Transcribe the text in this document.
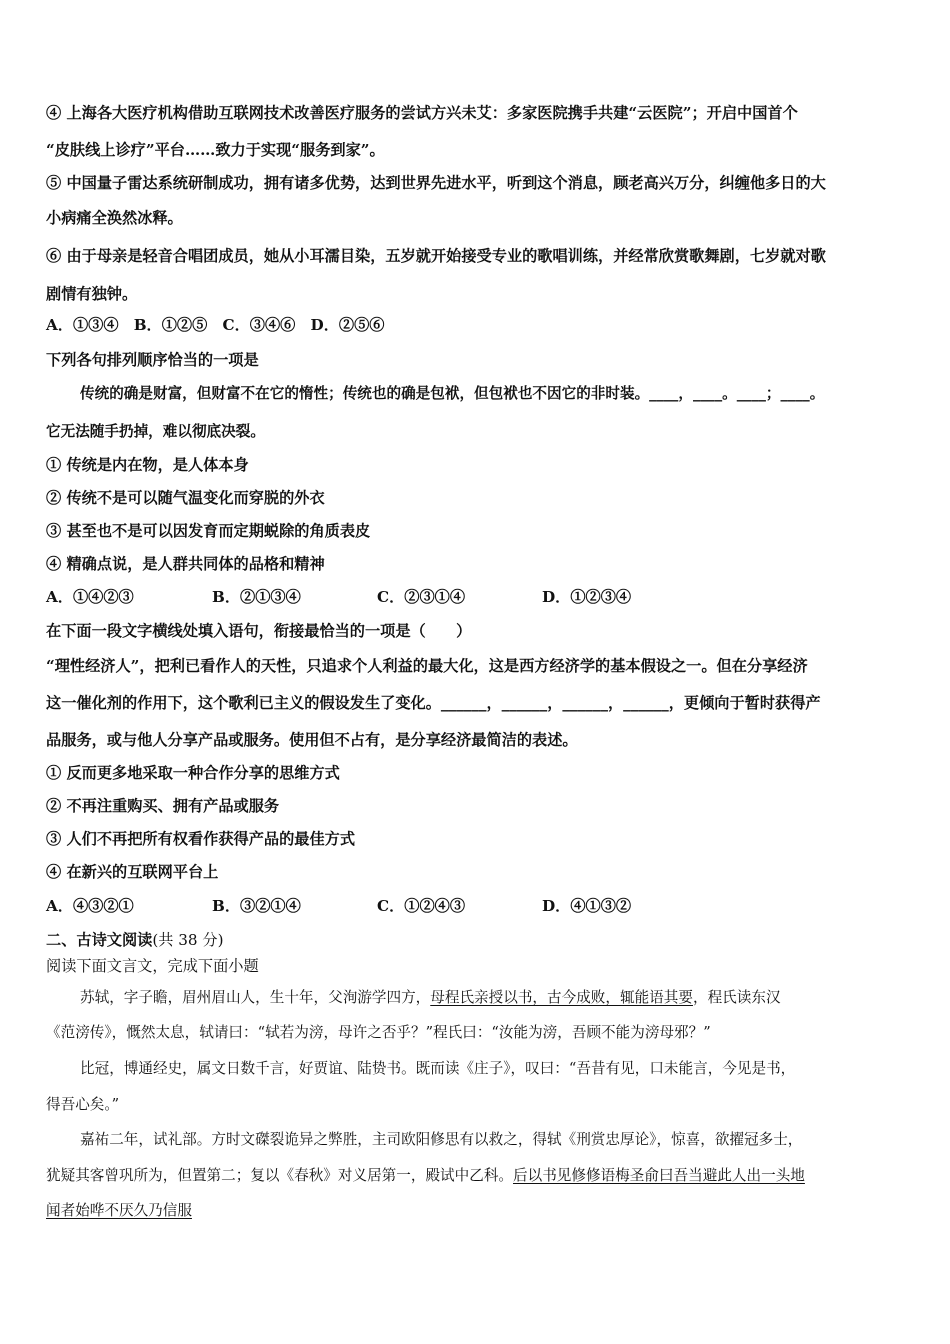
④ 上海各大医疗机构借助互联网技术改善医疗服务的尝试方兴未艾：多家医院携手共建“云医院”；开启中国首个
“皮肤线上诊疗”平台……致力于实现“服务到家”。
⑤ 中国量子雷达系统研制成功，拥有诸多优势，达到世界先进水平，听到这个消息，顾老高兴万分，纠缠他多日的大
小病痛全涣然冰释。
⑥ 由于母亲是轻音合唱团成员，她从小耳濡目染，五岁就开始接受专业的歌唱训练，并经常欣赏歌舞剧，七岁就对歌
剧情有独钟。
A．①③④　B．①②⑤　C．③④⑥　D．②⑤⑥
下列各句排列顺序恰当的一项是
传统的确是财富，但财富不在它的惰性；传统也的确是包袱，但包袱也不因它的非时装。____，____。____；____。
它无法随手扔掉，难以彻底决裂。
① 传统是内在物，是人体本身
② 传统不是可以随气温变化而穿脱的外衣
③ 甚至也不是可以因发育而定期蜕除的角质表皮
④ 精确点说，是人群共同体的品格和精神
A．①④②③	B．②①③④	C．②③①④	D．①②③④
在下面一段文字横线处填入语句，衔接最恰当的一项是（　　）
“理性经济人”，把利已看作人的天性，只追求个人利益的最大化，这是西方经济学的基本假设之一。但在分享经济
这一催化剂的作用下，这个歌利已主义的假设发生了变化。______，______，______，______，更倾向于暂时获得产
品服务，或与他人分享产品或服务。使用但不占有，是分享经济最简洁的表述。
① 反而更多地采取一种合作分享的思维方式
② 不再注重购买、拥有产品或服务
③ 人们不再把所有权看作获得产品的最佳方式
④ 在新兴的互联网平台上
A．④③②①	B．③②①④	C．①②④③	D．④①③②
二、古诗文阅读(共 38 分)
阅读下面文言文，完成下面小题
苏轼，字子瞻，眉州眉山人，生十年，父洵游学四方，母程氏亲授以书，古今成败，辄能语其要，程氏读东汉
《范滂传》，慨然太息，轼请曰：“轼若为滂，母许之否乎？”程氏曰：“汝能为滂，吾顾不能为滂母邪？”
比冠，博通经史，属文日数千言，好贾谊、陆贽书。既而读《庄子》，叹曰：“吾昔有见，口未能言，今见是书，
得吾心矣。”
嘉祐二年，试礼部。方时文磔裂诡异之弊胜，主司欧阳修思有以救之，得轼《刑赏忠厚论》，惊喜，欲擢冠多士，
犹疑其客曾巩所为，但置第二；复以《春秋》对义居第一，殿试中乙科。后以书见修修语梅圣俞曰吾当避此人出一头地
闻者始哗不厌久乃信服
